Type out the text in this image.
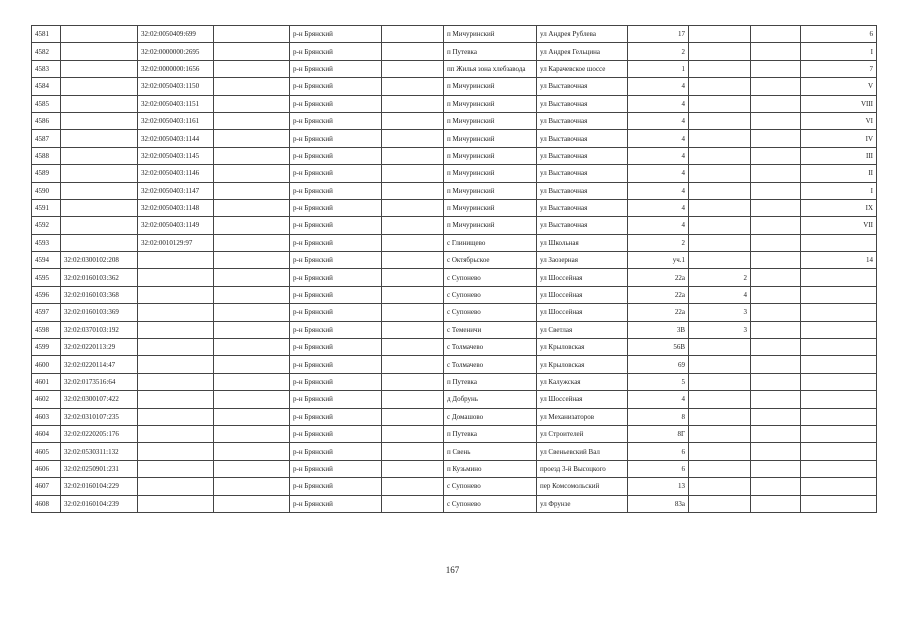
4581		32:02:0050409:699		р-н Брянский		п Мичуринский	ул Андрея Рублева	17			6
4582		32:02:0000000:2695		р-н Брянский		п Путевка	ул Андрея Гельцина	2			I
4583		32:02:0000000:1656		р-н Брянский		пп Жилья зона хлебзавода	ул Карачевское шоссе	1			7
4584		32:02:0050403:1150		р-н Брянский		п Мичуринский	ул Выставочная	4			V
4585		32:02:0050403:1151		р-н Брянский		п Мичуринский	ул Выставочная	4			VIII
4586		32:02:0050403:1161		р-н Брянский		п Мичуринский	ул Выставочная	4			VI
4587		32:02:0050403:1144		р-н Брянский		п Мичуринский	ул Выставочная	4			IV
4588		32:02:0050403:1145		р-н Брянский		п Мичуринский	ул Выставочная	4			III
4589		32:02:0050403:1146		р-н Брянский		п Мичуринский	ул Выставочная	4			II
4590		32:02:0050403:1147		р-н Брянский		п Мичуринский	ул Выставочная	4			I
4591		32:02:0050403:1148		р-н Брянский		п Мичуринский	ул Выставочная	4			IX
4592		32:02:0050403:1149		р-н Брянский		п Мичуринский	ул Выставочная	4			VII
4593		32:02:0010129:97		р-н Брянский		с Глинищево	ул Школьная	2			
4594	32:02:0300102:208			р-н Брянский		с Октябрьское	ул Заозерная	уч.1			14
4595	32:02:0160103:362			р-н Брянский		с Супонево	ул Шоссейная	22а	2		
4596	32:02:0160103:368			р-н Брянский		с Супонево	ул Шоссейная	22а	4		
4597	32:02:0160103:369			р-н Брянский		с Супонево	ул Шоссейная	22а	3		
4598	32:02:0370103:192			р-н Брянский		с Теменичи	ул Светлая	3В	3		
4599	32:02:0220113:29			р-н Брянский		с Толмачево	ул Крыловская	56В			
4600	32:02:0220114:47			р-н Брянский		с Толмачево	ул Крыловская	69			
4601	32:02:0173516:64			р-н Брянский		п Путевка	ул Калужская	5			
4602	32:02:0300107:422			р-н Брянский		д Добрунь	ул Шоссейная	4			
4603	32:02:0310107:235			р-н Брянский		с Домашово	ул Механизаторов	8			
4604	32:02:0220205:176			р-н Брянский		п Путевка	ул Строителей	8Г			
4605	32:02:0530311:132			р-н Брянский		п Свень	ул Свеньевский Вал	6			
4606	32:02:0250901:231			р-н Брянский		п Кузьмино	проезд 3-й Высоцкого	6			
4607	32:02:0160104:229			р-н Брянский		с Супонево	пер Комсомольский	13			
4608	32:02:0160104:239			р-н Брянский		с Супонево	ул Фрунзе	83а			
167
